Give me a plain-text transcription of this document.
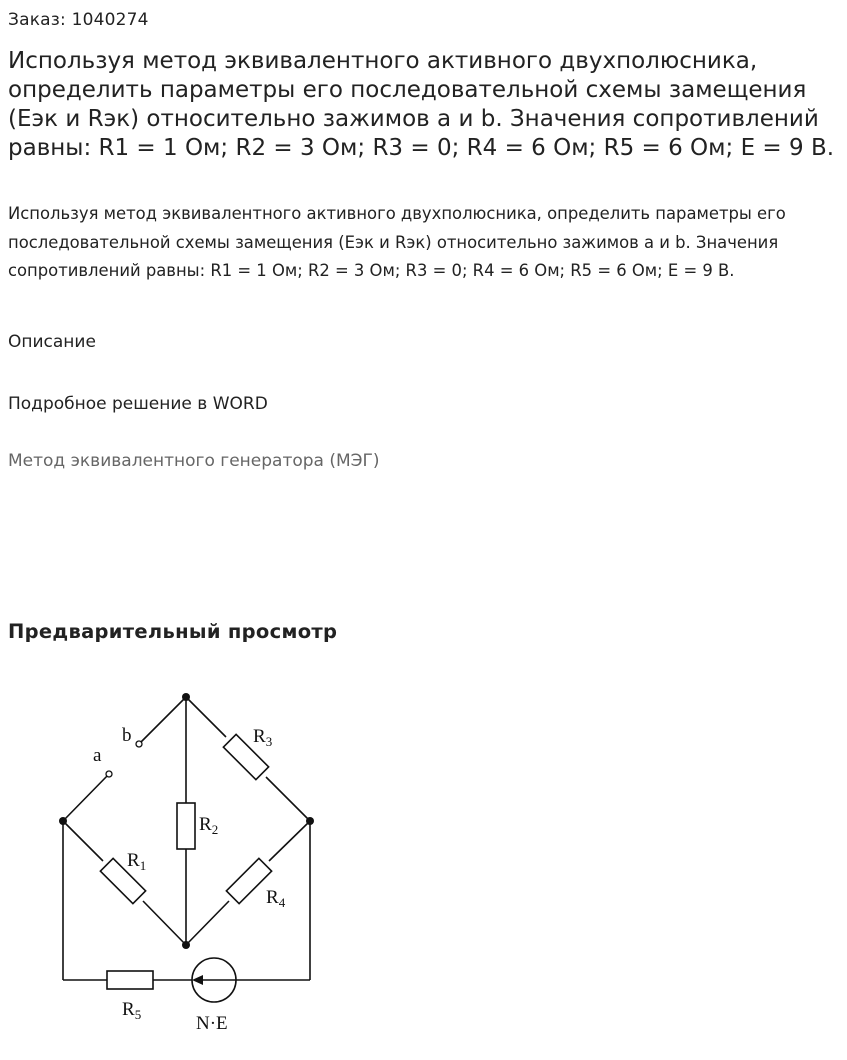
Заказ: 1040274
Используя метод эквивалентного активного двухполюсника, определить параметры его последовательной схемы замещения (Еэк и Rэк) относительно зажимов a и b. Значения сопротивлений равны: R1 = 1 Ом; R2 = 3 Ом; R3 = 0; R4 = 6 Ом; R5 = 6 Ом; E = 9 В.

Используя метод эквивалентного активного двухполюсника, определить параметры его последовательной схемы замещения (Еэк и Rэк) относительно зажимов a и b. Значения сопротивлений равны: R1 = 1 Ом; R2 = 3 Ом; R3 = 0; R4 = 6 Ом; R5 = 6 Ом; E = 9 В.

Описание
Подробное решение в WORD
Метод эквивалентного генератора (МЭГ)
Предварительный просмотр
b
a
$R_3$
$R_2$
$R_1$
$R_4$
$R_5$	N·E
